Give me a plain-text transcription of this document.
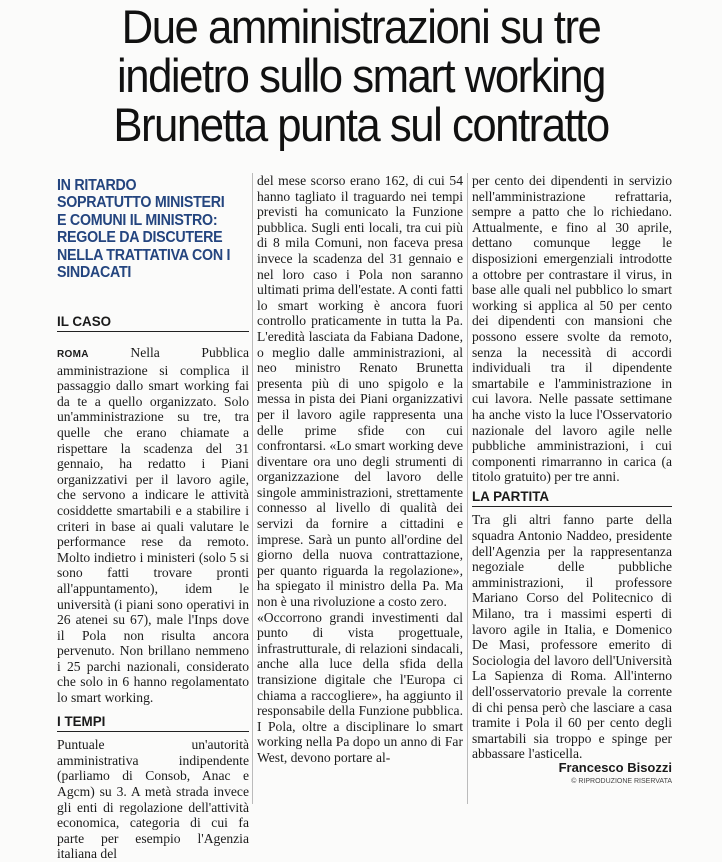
Due amministrazioni su tre
indietro sullo smart working
Brunetta punta sul contratto
IN RITARDO SOPRATUTTO MINISTERI E COMUNI IL MINISTRO: REGOLE DA DISCUTERE NELLA TRATTATIVA CON I SINDACATI
IL CASO

ROMA	Nella Pubblica amministrazione si complica il passaggio dallo smart working fai da te a quello organizzato. Solo un'amministrazione su tre, tra quelle che erano chiamate a rispettare la scadenza del 31 gennaio, ha redatto i Piani organizzativi per il lavoro agile, che servono a indicare le attività cosiddette smartabili e a stabilire i criteri in base ai quali valutare le performance rese da remoto. Molto indietro i ministeri (solo 5 si sono fatti trovare pronti all'appuntamento), idem le università (i piani sono operativi in 26 atenei su 67), male l'Inps dove il Pola non risulta ancora pervenuto. Non brillano nemmeno i 25 parchi nazionali, considerato che solo in 6 hanno regolamentato lo smart working.

I TEMPI

Puntuale un'autorità amministrativa indipendente (parliamo di Consob, Anac e Agcm) su 3. A metà strada invece gli enti di regolazione dell'attività economica, categoria di cui fa parte per esempio l'Agenzia italiana del

del mese scorso erano 162, di cui 54 hanno tagliato il traguardo nei tempi previsti ha comunicato la Funzione pubblica. Sugli enti locali, tra cui più di 8 mila Comuni, non faceva presa invece la scadenza del 31 gennaio e nel loro caso i Pola non saranno ultimati prima dell'estate. A conti fatti lo smart working è ancora fuori controllo praticamente in tutta la Pa. L'eredità lasciata da Fabiana Dadone, o meglio dalle amministrazioni, al neo ministro Renato Brunetta presenta più di uno spigolo e la messa in pista dei Piani organizzativi per il lavoro agile rappresenta una delle prime sfide con cui confrontarsi. «Lo smart working deve diventare ora uno degli strumenti di organizzazione del lavoro delle singole amministrazioni, strettamente connesso al livello di qualità dei servizi da fornire a cittadini e imprese. Sarà un punto all'ordine del giorno della nuova contrattazione, per quanto riguarda la regolazione», ha spiegato il ministro della Pa. Ma non è una rivoluzione a costo zero.

«Occorrono grandi investimenti dal punto di vista progettuale, infrastrutturale, di relazioni sindacali, anche alla luce della sfida della transizione digitale che l'Europa ci chiama a raccogliere», ha aggiunto il responsabile della Funzione pubblica. I Pola, oltre a disciplinare lo smart working nella Pa dopo un anno di Far West, devono portare al-

per cento dei dipendenti in servizio nell'amministrazione refrattaria, sempre a patto che lo richiedano. Attualmente, e fino al 30 aprile, dettano comunque legge le disposizioni emergenziali introdotte a ottobre per contrastare il virus, in base alle quali nel pubblico lo smart working si applica al 50 per cento dei dipendenti con mansioni che possono essere svolte da remoto, senza la necessità di accordi individuali tra il dipendente smartabile e l'amministrazione in cui lavora. Nelle passate settimane ha anche visto la luce l'Osservatorio nazionale del lavoro agile nelle pubbliche amministrazioni, i cui componenti rimarranno in carica (a titolo gratuito) per tre anni.

LA PARTITA

Tra gli altri fanno parte della squadra Antonio Naddeo, presidente dell'Agenzia per la rappresentanza negoziale delle pubbliche amministrazioni, il professore Mariano Corso del Politecnico di Milano, tra i massimi esperti di lavoro agile in Italia, e Domenico De Masi, professore emerito di Sociologia del lavoro dell'Università La Sapienza di Roma. All'interno dell'osservatorio prevale la corrente di chi pensa però che lasciare a casa tramite i Pola il 60 per cento degli smartabili sia troppo e spinge per abbassare l'asticella.

Francesco Bisozzi
© RIPRODUZIONE RISERVATA
